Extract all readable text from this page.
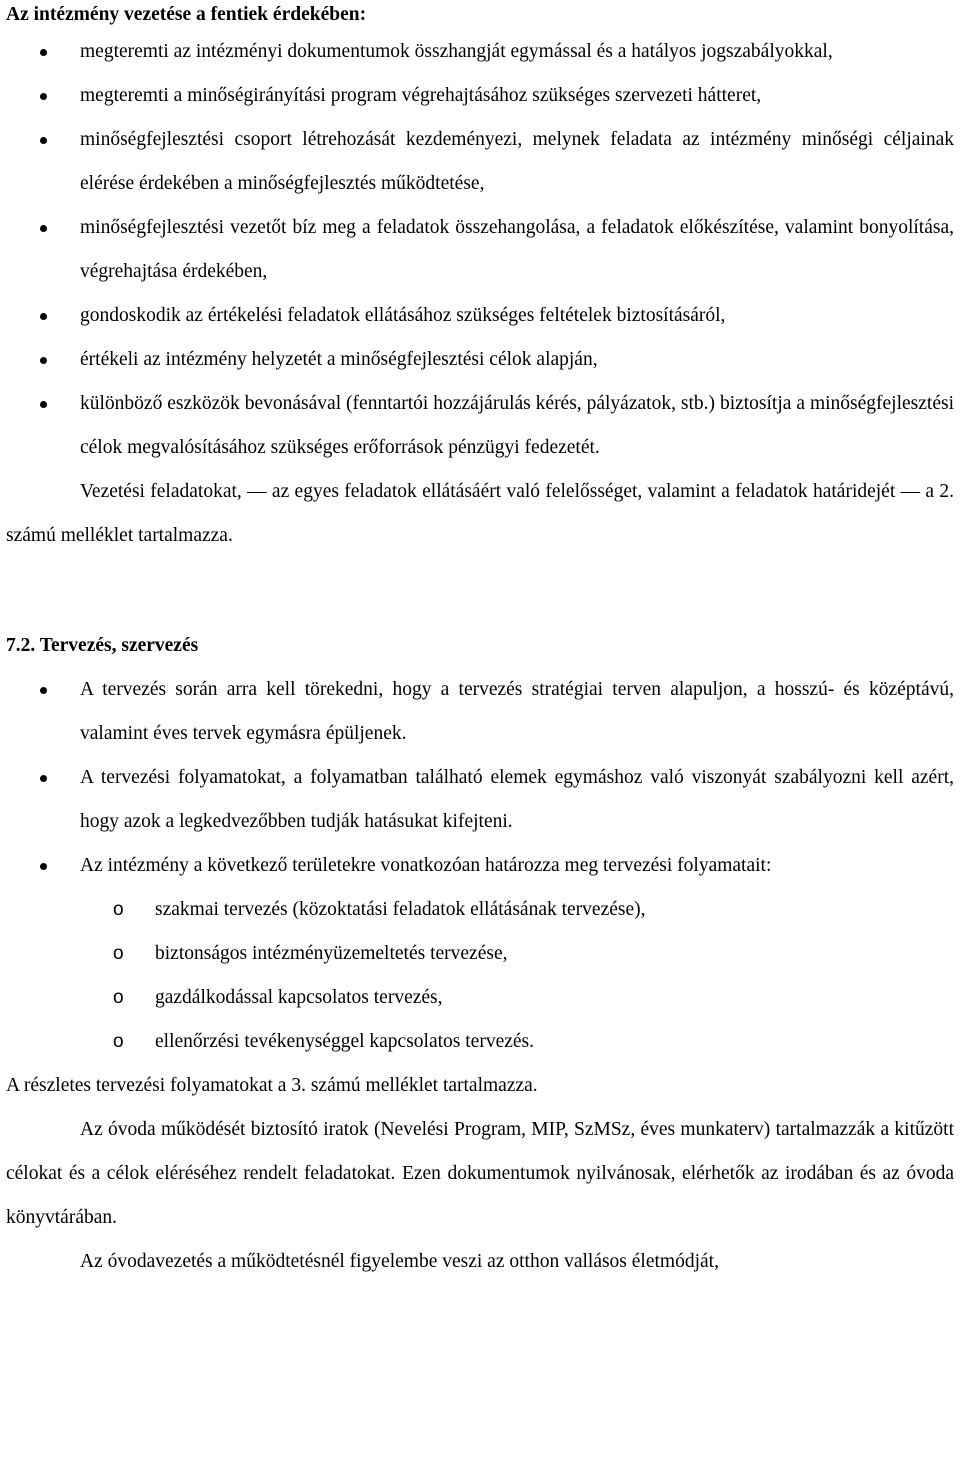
Az intézmény vezetése a fentiek érdekében:

megteremti az intézményi dokumentumok összhangját egymással és a hatályos jogszabályokkal,
megteremti a minőségirányítási program végrehajtásához szükséges szervezeti hátteret,
minőségfejlesztési csoport létrehozását kezdeményezi, melynek feladata az intézmény minőségi céljainak elérése érdekében a minőségfejlesztés működtetése,
minőségfejlesztési vezetőt bíz meg a feladatok összehangolása, a feladatok előkészítése, valamint bonyolítása, végrehajtása érdekében,
gondoskodik az értékelési feladatok ellátásához szükséges feltételek biztosításáról,
értékeli az intézmény helyzetét a minőségfejlesztési célok alapján,
különböző eszközök bevonásával (fenntartói hozzájárulás kérés, pályázatok, stb.) biztosítja a minőségfejlesztési célok megvalósításához szükséges erőforrások pénzügyi fedezetét.

Vezetési feladatokat, ― az egyes feladatok ellátásáért való felelősséget, valamint a feladatok határidejét ― a 2. számú melléklet tartalmazza.

7.2. Tervezés, szervezés

A tervezés során arra kell törekedni, hogy a tervezés stratégiai terven alapuljon, a hosszú- és középtávú, valamint éves tervek egymásra épüljenek.
A tervezési folyamatokat, a folyamatban található elemek egymáshoz való viszonyát szabályozni kell azért, hogy azok a legkedvezőbben tudják hatásukat kifejteni.
Az intézmény a következő területekre vonatkozóan határozza meg tervezési folyamatait:
o szakmai tervezés (közoktatási feladatok ellátásának tervezése),
o biztonságos intézményüzemeltetés tervezése,
o gazdálkodással kapcsolatos tervezés,
o ellenőrzési tevékenységgel kapcsolatos tervezés.

A részletes tervezési folyamatokat a 3. számú melléklet tartalmazza.

Az óvoda működését biztosító iratok (Nevelési Program, MIP, SzMSz, éves munkaterv) tartalmazzák a kitűzött célokat és a célok eléréséhez rendelt feladatokat. Ezen dokumentumok nyilvánosak, elérhetők az irodában és az óvoda könyvtárában.

Az óvodavezetés a működtetésnél figyelembe veszi az otthon vallásos életmódját,
